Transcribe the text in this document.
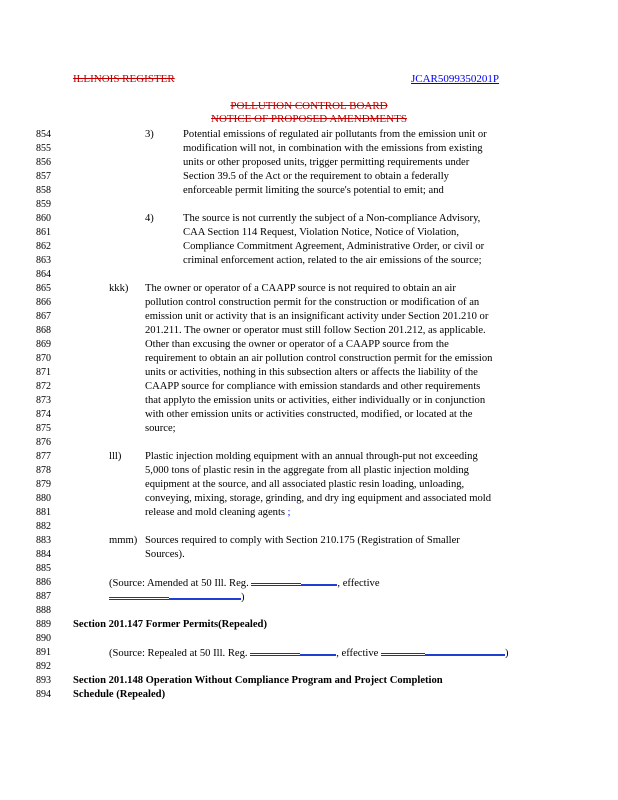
ILLINOIS REGISTER	JCAR5099350201P
POLLUTION CONTROL BOARD
NOTICE OF PROPOSED AMENDMENTS
854
855
856
857
858
859
860
861
862
863
864
865
866
867
868
869
870
871
872
873
874
875
876
877
878
879
880
881
882
883
884
885
886
887
888
889
890
891
892
893
894
3)	Potential emissions of regulated air pollutants from the emission unit or
modification will not, in combination with the emissions from existing
units or other proposed units, trigger permitting requirements under
Section 39.5 of the Act or the requirement to obtain a federally
enforceable permit limiting the source's potential to emit; and
4)	The source is not currently the subject of a Non-compliance Advisory,
CAA Section 114 Request, Violation Notice, Notice of Violation,
Compliance Commitment Agreement, Administrative Order, or civil or
criminal enforcement action, related to the air emissions of the source;
kkk) The owner or operator of a CAAPP source is not required to obtain an air
pollution control construction permit for the construction or modification of an
emission unit or activity that is an insignificant activity under Section 201.210 or
201.211. The owner or operator must still follow Section 201.212, as applicable.
Other than excusing the owner or operator of a CAAPP source from the
requirement to obtain an air pollution control construction permit for the emission
units or activities, nothing in this subsection alters or affects the liability of the
CAAPP source for compliance with emission standards and other requirements
that applyto the emission units or activities, either individually or in conjunction
with other emission units or activities constructed, modified, or located at the
source;
lll) Plastic injection molding equipment with an annual through-put not exceeding
5,000 tons of plastic resin in the aggregate from all plastic injection molding
equipment at the source, and all associated plastic resin loading, unloading,
conveying, mixing, storage, grinding, and dry ing equipment and associated mold
release and mold cleaning agents ;
mmm) Sources required to comply with Section 210.175 (Registration of Smaller
Sources).
(Source: Amended at 50 Ill. Reg.	, effective
)
Section 201.147 Former Permits(Repealed)
(Source: Repealed at 50 Ill. Reg.	, effective	)
Section 201.148 Operation Without Compliance Program and Project Completion
Schedule (Repealed)
